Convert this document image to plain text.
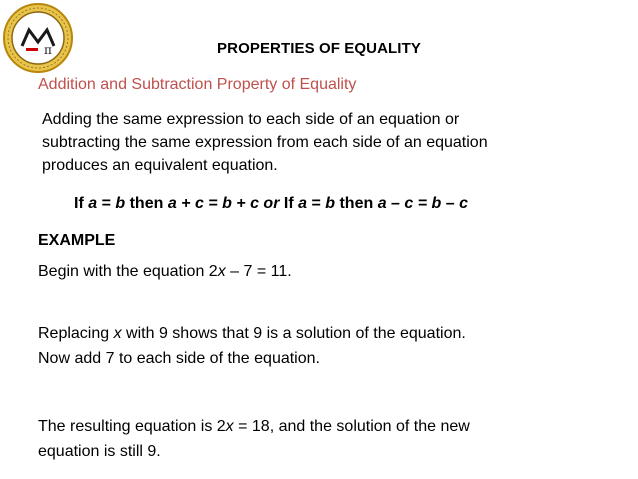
π	PROPERTIES OF EQUALITY
Addition and Subtraction Property of Equality
Adding the same expression to each side of an equation or
subtracting the same expression from each side of an equation
produces an equivalent equation.
If a = b then a + c = b + c or If a = b then a – c = b – c
EXAMPLE
Begin with the equation 2x – 7 = 11.
Replacing x with 9 shows that 9 is a solution of the equation.
Now add 7 to each side of the equation.
The resulting equation is 2x = 18, and the solution of the new
equation is still 9.
